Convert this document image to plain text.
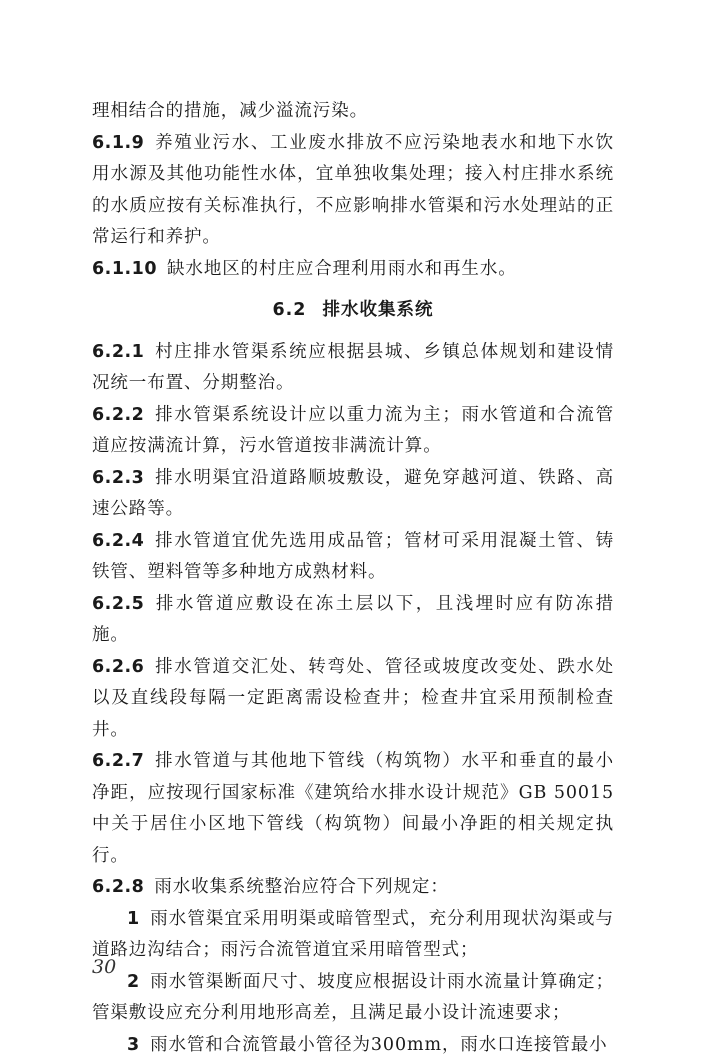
理相结合的措施，减少溢流污染。

6.1.9 养殖业污水、工业废水排放不应污染地表水和地下水饮用水源及其他功能性水体，宜单独收集处理；接入村庄排水系统的水质应按有关标准执行，不应影响排水管渠和污水处理站的正常运行和养护。

6.1.10 缺水地区的村庄应合理利用雨水和再生水。

6.2 排水收集系统

6.2.1 村庄排水管渠系统应根据县城、乡镇总体规划和建设情况统一布置、分期整治。

6.2.2 排水管渠系统设计应以重力流为主；雨水管道和合流管道应按满流计算，污水管道按非满流计算。

6.2.3 排水明渠宜沿道路顺坡敷设，避免穿越河道、铁路、高速公路等。

6.2.4 排水管道宜优先选用成品管；管材可采用混凝土管、铸铁管、塑料管等多种地方成熟材料。

6.2.5 排水管道应敷设在冻土层以下，且浅埋时应有防冻措施。

6.2.6 排水管道交汇处、转弯处、管径或坡度改变处、跌水处以及直线段每隔一定距离需设检查井；检查井宜采用预制检查井。

6.2.7 排水管道与其他地下管线（构筑物）水平和垂直的最小净距，应按现行国家标准《建筑给水排水设计规范》GB 50015中关于居住小区地下管线（构筑物）间最小净距的相关规定执行。

6.2.8 雨水收集系统整治应符合下列规定：

1 雨水管渠宜采用明渠或暗管型式，充分利用现状沟渠或与道路边沟结合；雨污合流管道宜采用暗管型式；

2 雨水管渠断面尺寸、坡度应根据设计雨水流量计算确定；管渠敷设应充分利用地形高差，且满足最小设计流速要求；

3 雨水管和合流管最小管径为300mm，雨水口连接管最小

30
